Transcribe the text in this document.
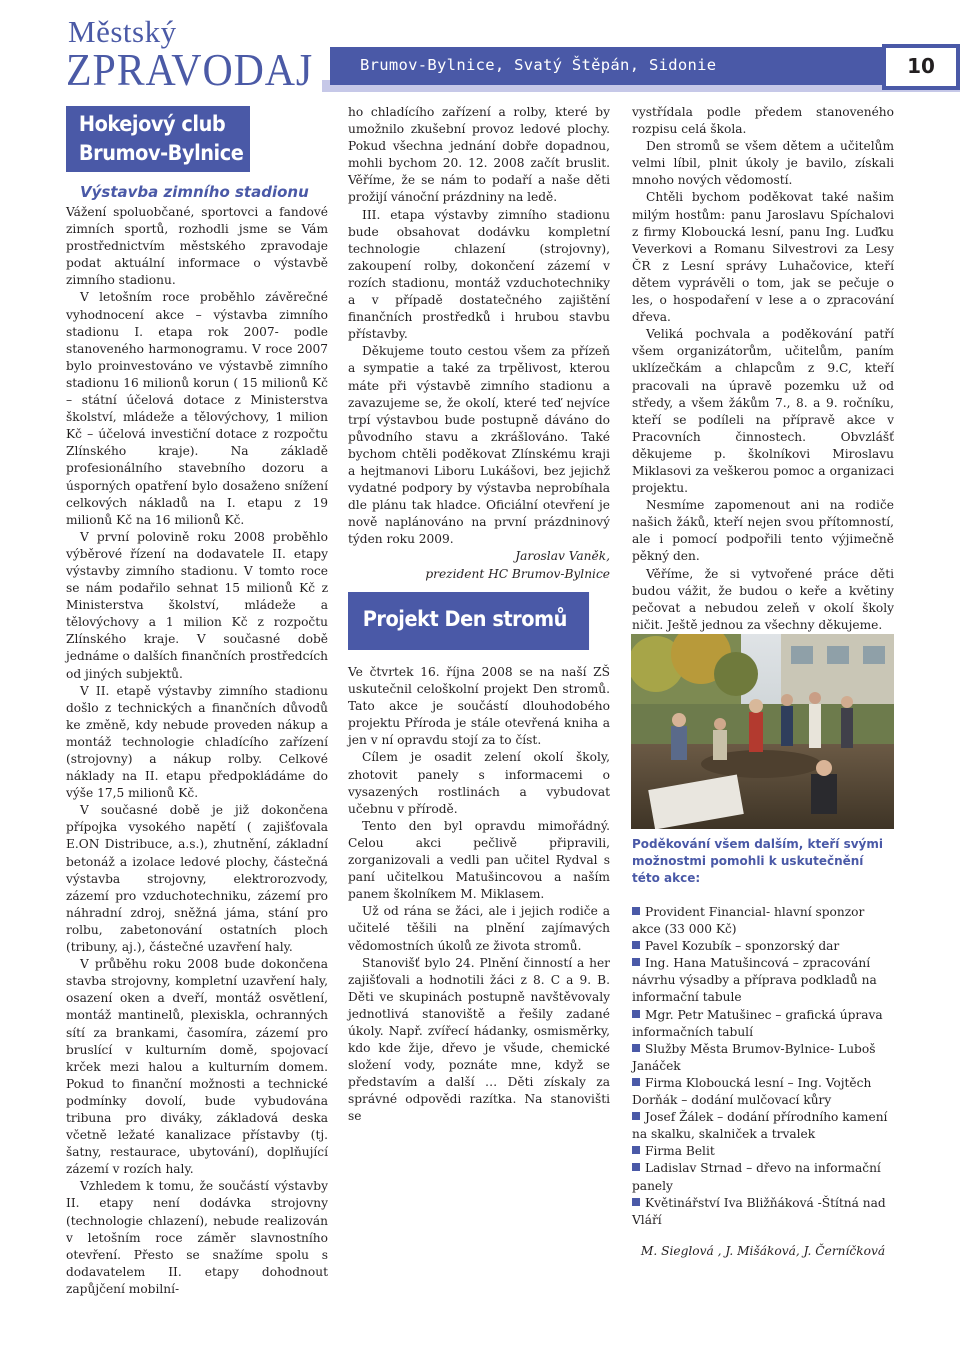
Městský
ZPRAVODAJ	Brumov-Bylnice, Svatý Štěpán, Sidonie	10
Hokejový club
Brumov-Bylnice
Výstavba zimního stadionu

Vážení spoluobčané, sportovci a fandové zimních sportů, rozhodli jsme se Vám prostřednictvím městského zpravodaje podat aktuální informace o výstavbě zimního stadionu.

V letošním roce proběhlo závěrečné vyhodnocení akce – výstavba zimního stadionu I. etapa rok 2007- podle stanoveného harmonogramu. V roce 2007 bylo proinvestováno ve výstavbě zimního stadionu 16 milionů korun ( 15 milionů Kč – státní účelová dotace z Ministerstva školství, mládeže a tělovýchovy, 1 milion Kč – účelová investiční dotace z rozpočtu Zlínského kraje). Na základě profesionálního stavebního dozoru a úsporných opatření bylo dosaženo snížení celkových nákladů na I. etapu z 19 milionů Kč na 16 milionů Kč.

V první polovině roku 2008 proběhlo výběrové řízení na dodavatele II. etapy výstavby zimního stadionu. V tomto roce se nám podařilo sehnat 15 milionů Kč z Ministerstva školství, mládeže a tělovýchovy a 1 milion Kč z rozpočtu Zlínského kraje. V současné době jednáme o dalších finančních prostředcích od jiných subjektů.

V II. etapě výstavby zimního stadionu došlo z technických a finančních důvodů ke změně, kdy nebude proveden nákup a montáž technologie chladícího zařízení (strojovny) a nákup rolby. Celkové náklady na II. etapu předpokládáme do výše 17,5 milionů Kč.

V současné době je již dokončena přípojka vysokého napětí ( zajišťovala E.ON Distribuce, a.s.), zhutnění, základní betonáž a izolace ledové plochy, částečná výstavba strojovny, elektrorozvody, zázemí pro vzduchotechniku, zázemí pro náhradní zdroj, sněžná jáma, stání pro rolbu, zabetonování ostatních ploch (tribuny, aj.), částečné uzavření haly.

V průběhu roku 2008 bude dokončena stavba strojovny, kompletní uzavření haly, osazení oken a dveří, montáž osvětlení, montáž mantinelů, plexiskla, ochranných sítí za brankami, časomíra, zázemí pro bruslící v kulturním domě, spojovací krček mezi halou a kulturním domem. Pokud to finanční možnosti a technické podmínky dovolí, bude vybudována tribuna pro diváky, základová deska včetně ležaté kanalizace přístavby (tj. šatny, restaurace, ubytování), doplňující zázemí v rozích haly.

Vzhledem k tomu, že součástí výstavby II. etapy není dodávka strojovny (technologie chlazení), nebude realizován v letošním roce záměr slavnostního otevření. Přesto se snažíme spolu s dodavatelem II. etapy dohodnout zapůjčení mobilní-

ho chladícího zařízení a rolby, které by umožnilo zkušební provoz ledové plochy. Pokud všechna jednání dobře dopadnou, mohli bychom 20. 12. 2008 začít bruslit. Věříme, že se nám to podaří a naše děti prožijí vánoční prázdniny na ledě.

III. etapa výstavby zimního stadionu bude obsahovat dodávku kompletní technologie chlazení (strojovny), zakoupení rolby, dokončení zázemí v rozích stadionu, montáž vzduchotechniky a v případě dostatečného zajištění finančních prostředků i hrubou stavbu přístavby.

Děkujeme touto cestou všem za přízeň a sympatie a také za trpělivost, kterou máte při výstavbě zimního stadionu a zavazujeme se, že okolí, které teď nejvíce trpí výstavbou bude postupně dáváno do původního stavu a zkrášlováno. Také bychom chtěli poděkovat Zlínskému kraji a hejtmanovi Liboru Lukášovi, bez jejichž vydatné podpory by výstavba neprobíhala dle plánu tak hladce. Oficiální otevření je nově naplánováno na první prázdninový týden roku 2009.

Jaroslav Vaněk,

prezident HC Brumov-Bylnice

Projekt Den stromů

Ve čtvrtek 16. října 2008 se na naší ZŠ uskutečnil celoškolní projekt Den stromů. Tato akce je součástí dlouhodobého projektu Příroda je stále otevřená kniha a jen v ní opravdu stojí za to číst.

Cílem je osadit zelení okolí školy, zhotovit panely s informacemi o vysazených rostlinách a vybudovat učebnu v přírodě.

Tento den byl opravdu mimořádný. Celou akci pečlivě připravili, zorganizovali a vedli pan učitel Rydval s paní učitelkou Matušincovou a naším panem školníkem M. Miklasem.

Už od rána se žáci, ale i jejich rodiče a učitelé těšili na plnění zajímavých vědomostních úkolů ze života stromů.

Stanovišť bylo 24. Plnění činností a her zajišťovali a hodnotili žáci z 8. C a 9. B. Děti ve skupinách postupně navštěvovaly jednotlivá stanoviště a řešily zadané úkoly. Např. zvířecí hádanky, osmisměrky, kdo kde žije, dřevo je všude, chemické složení vody, poznáte mne, když se představím a další … Děti získaly za správné odpovědi razítka. Na stanovišti se

vystřídala podle předem stanoveného rozpisu celá škola.

Den stromů se všem dětem a učitelům velmi líbil, plnit úkoly je bavilo, získali mnoho nových vědomostí.

Chtěli bychom poděkovat také našim milým hostům: panu Jaroslavu Spíchalovi z firmy Kloboucká lesní, panu Ing. Luďku Veverkovi a Romanu Silvestrovi za Lesy ČR z Lesní správy Luhačovice, kteří dětem vyprávěli o tom, jak se pečuje o les, o hospodaření v lese a o zpracování dřeva.

Veliká pochvala a poděkování patří všem organizátorům, učitelům, paním uklízečkám a chlapcům z 9.C, kteří pracovali na úpravě pozemku už od středy, a všem žákům 7., 8. a 9. ročníku, kteří se podíleli na přípravě akce v Pracovních činnostech. Obvzlášť děkujeme p. školníkovi Miroslavu Miklasovi za veškerou pomoc a organizaci projektu.

Nesmíme zapomenout ani na rodiče našich žáků, kteří nejen svou přítomností, ale i pomocí podpořili tento výjimečně pěkný den.

Věříme, že si vytvořené práce děti budou vážit, že budou o keře a květiny pečovat a nebudou zeleň v okolí školy ničit. Ještě jednou za všechny děkujeme.

Poděkování všem dalším, kteří svými možnostmi pomohli k uskutečnění této akce:
Provident Financial- hlavní sponzor akce (33 000 Kč)
Pavel Kozubík – sponzorský dar
Ing. Hana Matušincová – zpracování návrhu výsadby a příprava podkladů na informační tabule
Mgr. Petr Matušinec – grafická úprava informačních tabulí
Služby Města Brumov-Bylnice- Luboš Janáček
Firma Kloboucká lesní – Ing. Vojtěch Dorňák – dodání mulčovací kůry
Josef Žálek – dodání přírodního kamení na skalku, skalniček a trvalek
Firma Belit
Ladislav Strnad – dřevo na informační panely
Květinářství Iva Bližňáková -Štítná nad Vláří
M. Sieglová , J. Mišáková, J. Černíčková
